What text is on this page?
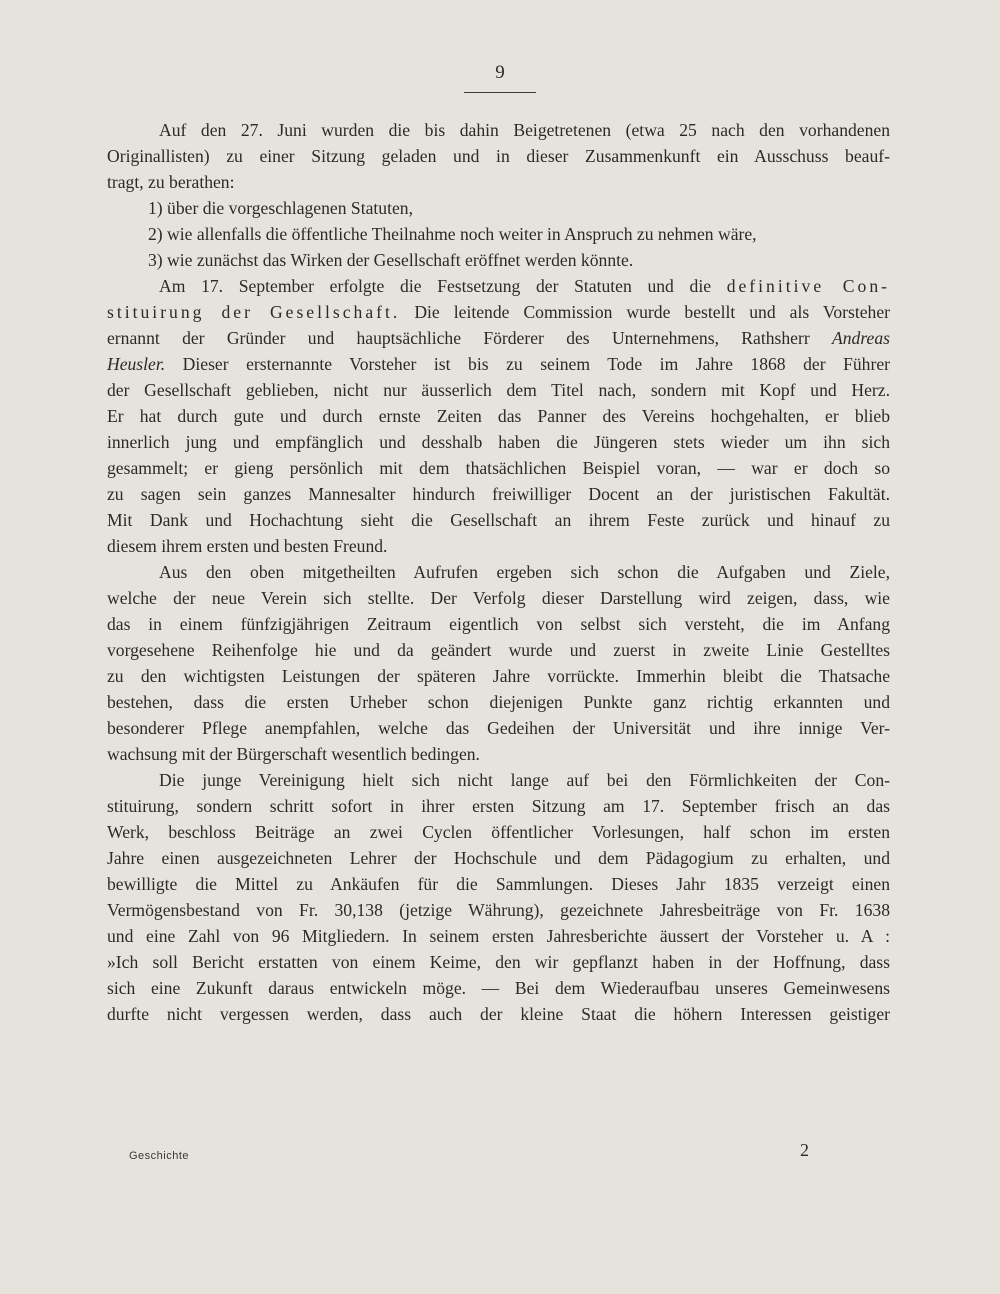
9
Auf den 27. Juni wurden die bis dahin Beigetretenen (etwa 25 nach den vorhandenen
Originallisten) zu einer Sitzung geladen und in dieser Zusammenkunft ein Ausschuss beauf-
tragt, zu berathen:
1) über die vorgeschlagenen Statuten,
2) wie allenfalls die öffentliche Theilnahme noch weiter in Anspruch zu nehmen wäre,
3) wie zunächst das Wirken der Gesellschaft eröffnet werden könnte.
Am 17. September erfolgte die Festsetzung der Statuten und die definitive Con-
stituirung der Gesellschaft. Die leitende Commission wurde bestellt und als Vorsteher
ernannt der Gründer und hauptsächliche Förderer des Unternehmens, Rathsherr Andreas
Heusler. Dieser ersternannte Vorsteher ist bis zu seinem Tode im Jahre 1868 der Führer
der Gesellschaft geblieben, nicht nur äusserlich dem Titel nach, sondern mit Kopf und Herz.
Er hat durch gute und durch ernste Zeiten das Panner des Vereins hochgehalten, er blieb
innerlich jung und empfänglich und desshalb haben die Jüngeren stets wieder um ihn sich
gesammelt; er gieng persönlich mit dem thatsächlichen Beispiel voran, — war er doch so
zu sagen sein ganzes Mannesalter hindurch freiwilliger Docent an der juristischen Fakultät.
Mit Dank und Hochachtung sieht die Gesellschaft an ihrem Feste zurück und hinauf zu
diesem ihrem ersten und besten Freund.
Aus den oben mitgetheilten Aufrufen ergeben sich schon die Aufgaben und Ziele,
welche der neue Verein sich stellte. Der Verfolg dieser Darstellung wird zeigen, dass, wie
das in einem fünfzigjährigen Zeitraum eigentlich von selbst sich versteht, die im Anfang
vorgesehene Reihenfolge hie und da geändert wurde und zuerst in zweite Linie Gestelltes
zu den wichtigsten Leistungen der späteren Jahre vorrückte. Immerhin bleibt die Thatsache
bestehen, dass die ersten Urheber schon diejenigen Punkte ganz richtig erkannten und
besonderer Pflege anempfahlen, welche das Gedeihen der Universität und ihre innige Ver-
wachsung mit der Bürgerschaft wesentlich bedingen.
Die junge Vereinigung hielt sich nicht lange auf bei den Förmlichkeiten der Con-
stituirung, sondern schritt sofort in ihrer ersten Sitzung am 17. September frisch an das
Werk, beschloss Beiträge an zwei Cyclen öffentlicher Vorlesungen, half schon im ersten
Jahre einen ausgezeichneten Lehrer der Hochschule und dem Pädagogium zu erhalten, und
bewilligte die Mittel zu Ankäufen für die Sammlungen. Dieses Jahr 1835 verzeigt einen
Vermögensbestand von Fr. 30,138 (jetzige Währung), gezeichnete Jahresbeiträge von Fr. 1638
und eine Zahl von 96 Mitgliedern. In seinem ersten Jahresberichte äussert der Vorsteher u. A :
»Ich soll Bericht erstatten von einem Keime, den wir gepflanzt haben in der Hoffnung, dass
sich eine Zukunft daraus entwickeln möge. — Bei dem Wiederaufbau unseres Gemeinwesens
durfte nicht vergessen werden, dass auch der kleine Staat die höhern Interessen geistiger
Geschichte	2
